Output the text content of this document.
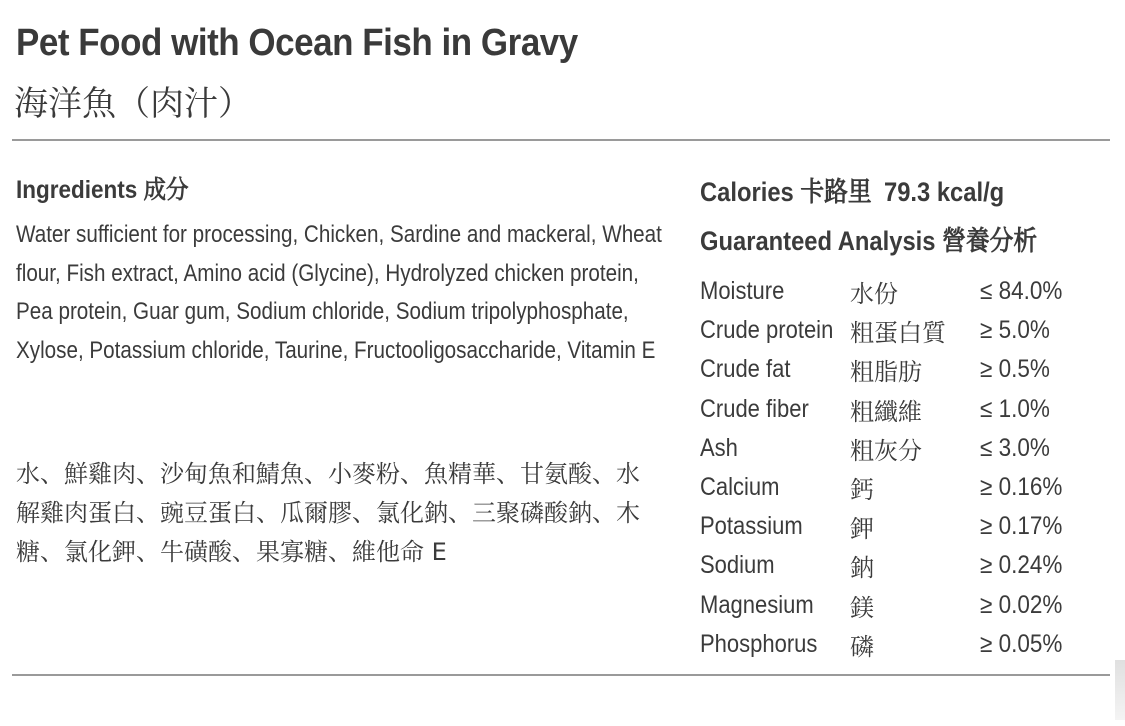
Pet Food with Ocean Fish in Gravy
海洋魚（肉汁）
Ingredients 成分

Water sufficient for processing, Chicken, Sardine and mackeral, Wheat flour, Fish extract, Amino acid (Glycine), Hydrolyzed chicken protein, Pea protein, Guar gum, Sodium chloride, Sodium tripolyphosphate, Xylose, Potassium chloride, Taurine, Fructooligosaccharide, Vitamin E

水、鮮雞肉、沙甸魚和鯖魚、小麥粉、魚精華、甘氨酸、水解雞肉蛋白、豌豆蛋白、瓜爾膠、氯化鈉、三聚磷酸鈉、木糖、氯化鉀、牛磺酸、果寡糖、維他命 E

Calories 卡路里 79.3 kcal/g

Guaranteed Analysis 營養分析
Moisture	水份	≤ 84.0%
Crude protein 粗蛋白質	≥ 5.0%
Crude fat	粗脂肪	≥ 0.5%
Crude fiber	粗纖維	≤ 1.0%
Ash	粗灰分	≤ 3.0%
Calcium	鈣	≥ 0.16%
Potassium	鉀	≥ 0.17%
Sodium	鈉	≥ 0.24%
Magnesium	鎂	≥ 0.02%
Phosphorus	磷	≥ 0.05%
